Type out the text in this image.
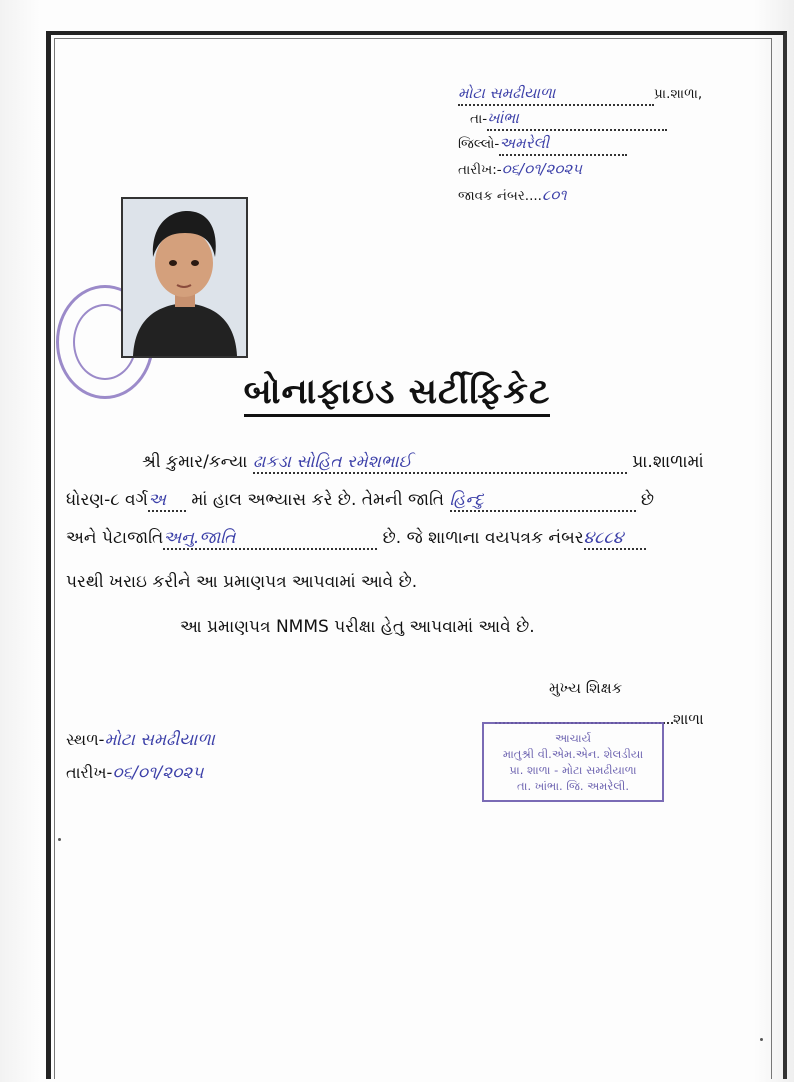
મોટા સમઢીયાળા	પ્રા.શાળા,
તા-ખાંભા
જિલ્લો-અમરેલી
તારીખ:-૦૬/૦૧/૨૦૨૫
જાવક નંબર....૮૦૧
બોનાફાઇડ સર્ટીફિકેટ
શ્રી કુમાર/કન્યા ઢાકડા સોહિત રમેશભાઈ	પ્રા.શાળામાં
ધોરણ-૮ વર્ગઅ માં હાલ અભ્યાસ કરે છે. તેમની જાતિ હિન્દુ	છે
અને પેટાજાતિઅનુ.જાતિ	છે. જે શાળાના વયપત્રક નંબર૪૮૮૪
પરથી ખરાઇ કરીને આ પ્રમાણપત્ર આપવામાં આવે છે.
આ પ્રમાણપત્ર NMMS પરીક્ષા હેતુ આપવામાં આવે છે.
મુખ્ય શિક્ષક
શાળા
આચાર્ય
માતુશ્રી વી.એમ.એન. શેલડીયા
પ્રા. શાળા - મોટા સમઢીયાળા
તા. ખાંભા. જિ. અમરેલી.
સ્થળ-મોટા સમઢીયાળા
તારીખ-૦૬/૦૧/૨૦૨૫
